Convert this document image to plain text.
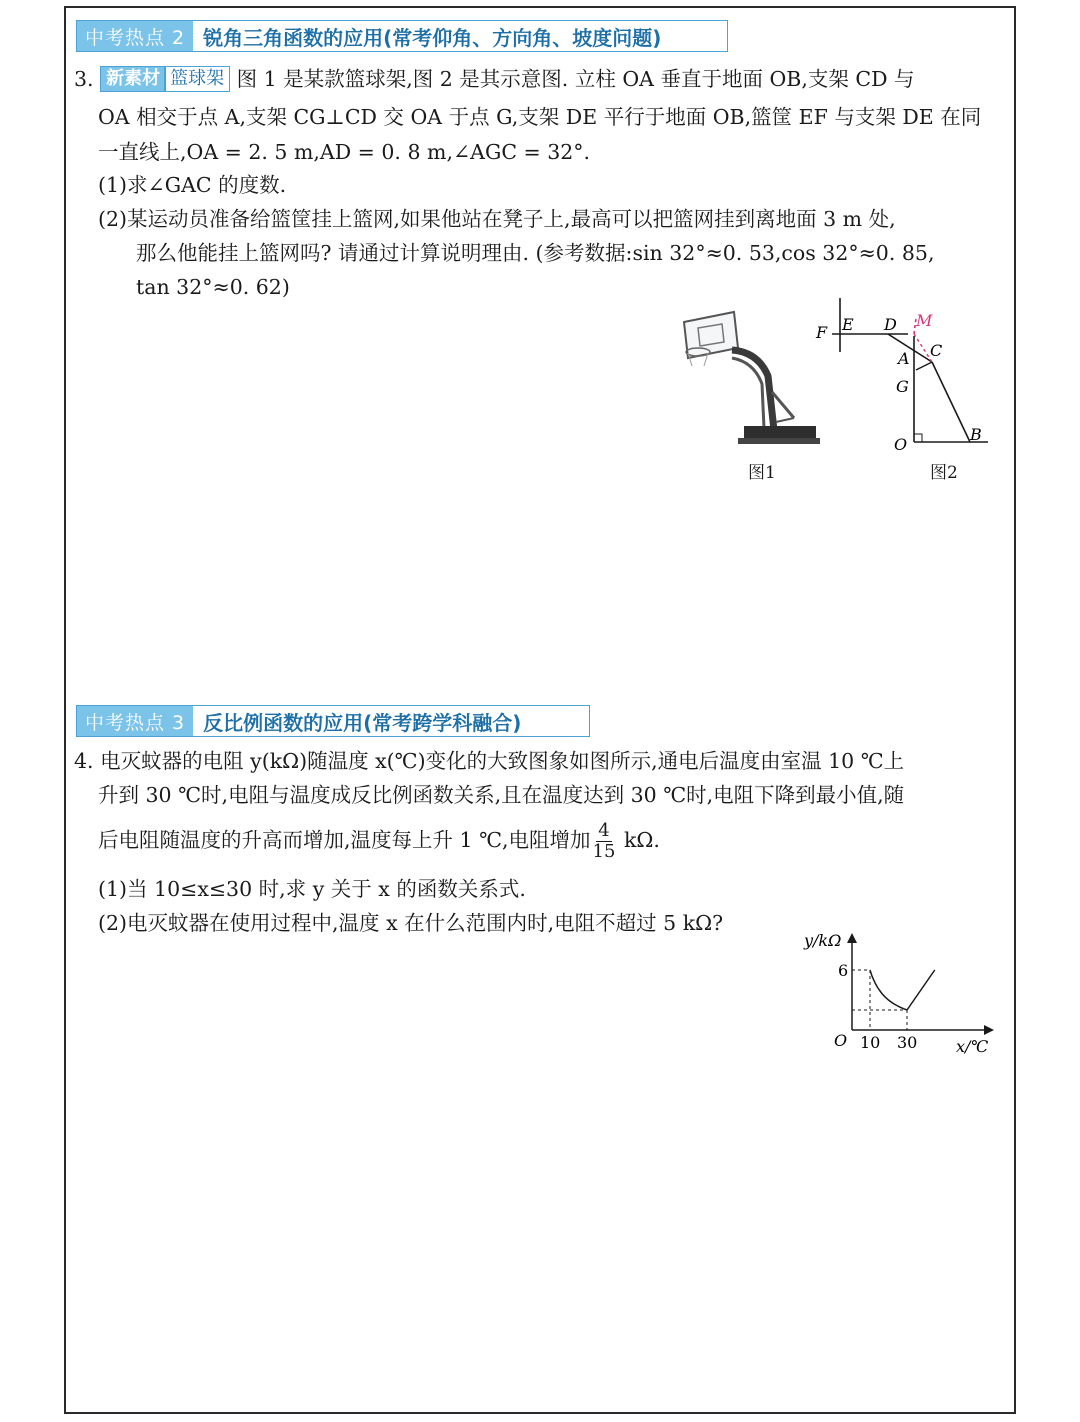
中考热点 2 锐角三角函数的应用(常考仰角、方向角、坡度问题)
3. 新素材 篮球架 图 1 是某款篮球架,图 2 是其示意图. 立柱 OA 垂直于地面 OB,支架 CD 与
OA 相交于点 A,支架 CG⊥CD 交 OA 于点 G,支架 DE 平行于地面 OB,篮筐 EF 与支架 DE 在同
一直线上,OA = 2. 5 m,AD = 0. 8 m,∠AGC = 32°.
(1)求∠GAC 的度数.
(2)某运动员准备给篮筐挂上篮网,如果他站在凳子上,最高可以把篮网挂到离地面 3 m 处,
那么他能挂上篮网吗? 请通过计算说明理由. (参考数据:sin 32°≈0. 53,cos 32°≈0. 85,
tan 32°≈0. 62)
图1
F E D M
A C
G
O
B
图2
中考热点 3 反比例函数的应用(常考跨学科融合)
4. 电灭蚊器的电阻 y(kΩ)随温度 x(℃)变化的大致图象如图所示,通电后温度由室温 10 ℃上
升到 30 ℃时,电阻与温度成反比例函数关系,且在温度达到 30 ℃时,电阻下降到最小值,随
后电阻随温度的升高而增加,温度每上升 1 ℃,电阻增加 $\frac{4}{15} k\Omega$.
(1)当 10≤x≤30 时,求 y 关于 x 的函数关系式.
(2)电灭蚊器在使用过程中,温度 x 在什么范围内时,电阻不超过 5 kΩ?
10 30
6
y/kΩ
x/℃
O
